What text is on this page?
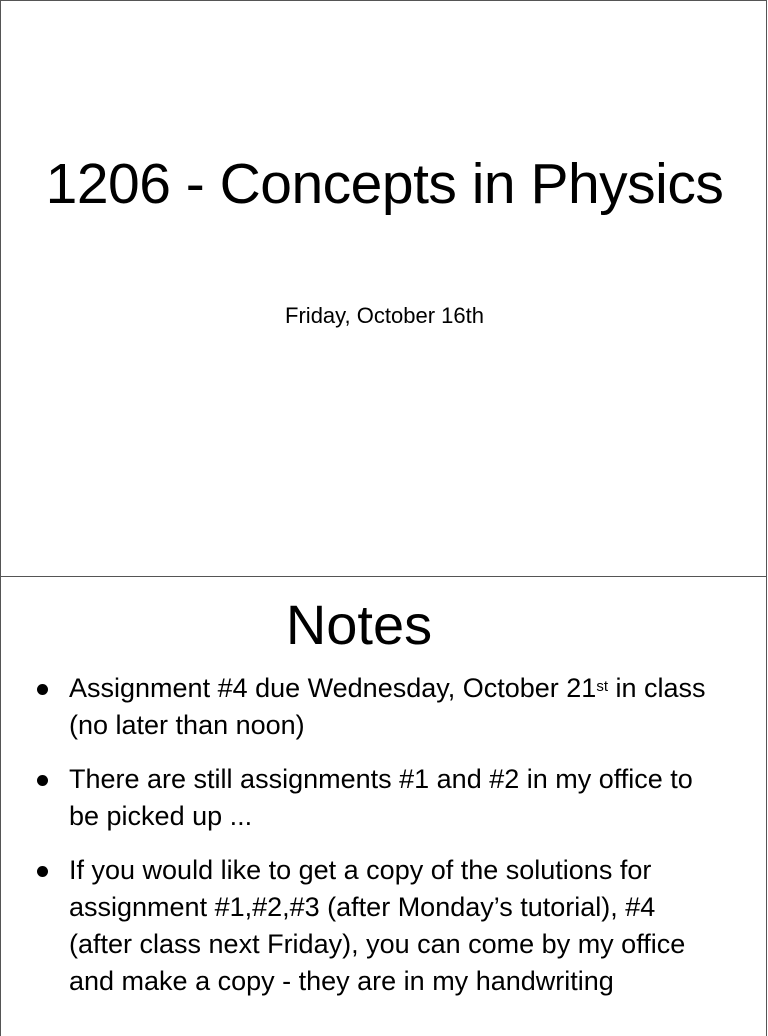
1206 - Concepts in Physics

Friday, October 16th

Notes
Assignment #4 due Wednesday, October 21st in class (no later than noon)
There are still assignments #1 and #2 in my office to be picked up ...
If you would like to get a copy of the solutions for assignment #1,#2,#3 (after Monday’s tutorial), #4 (after class next Friday), you can come by my office and make a copy - they are in my handwriting
